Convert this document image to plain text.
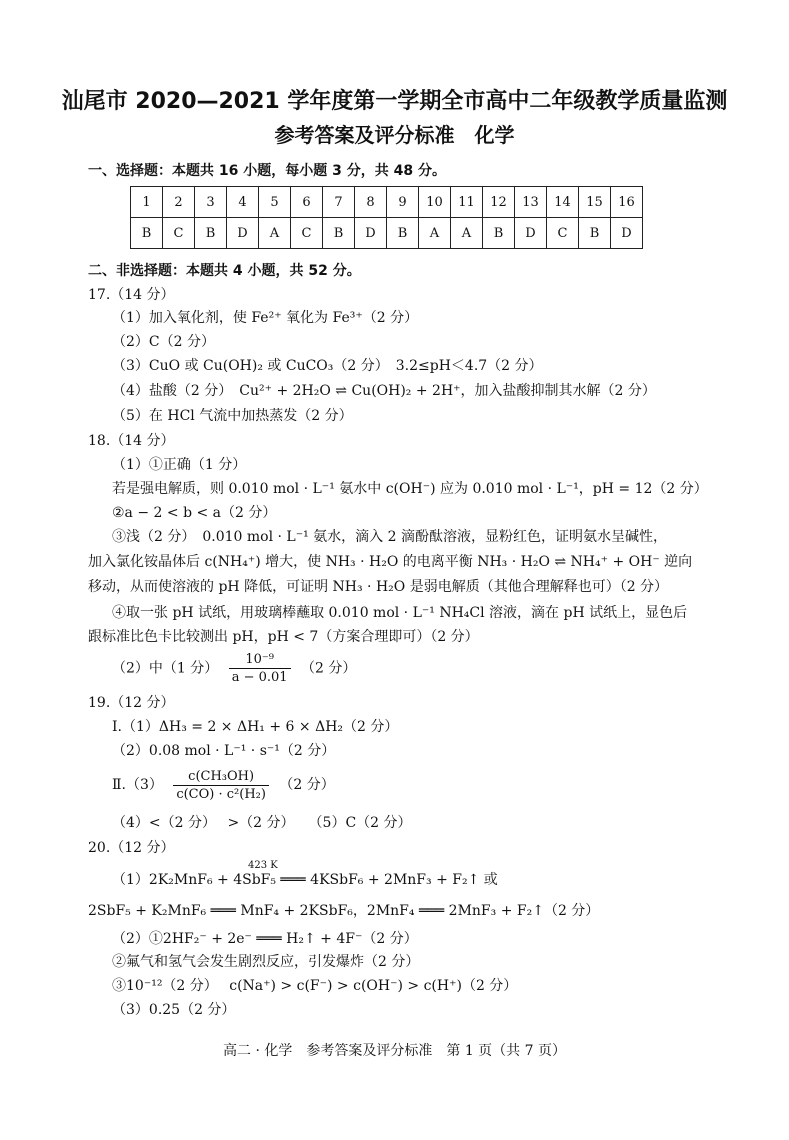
汕尾市 2020—2021 学年度第一学期全市高中二年级教学质量监测
参考答案及评分标准　化学
一、选择题：本题共 16 小题，每小题 3 分，共 48 分。
1	2	3	4	5	6	7	8	9	10	11	12	13	14	15	16
B	C	B	D	A	C	B	D	B	A	A	B	D	C	B	D
二、非选择题：本题共 4 小题，共 52 分。
17.（14 分）
（1）加入氧化剂，使 Fe²⁺ 氧化为 Fe³⁺（2 分）
（2）C（2 分）
（3）CuO 或 Cu(OH)₂ 或 CuCO₃（2 分）　3.2≤pH＜4.7（2 分）
（4）盐酸（2 分）　Cu²⁺ + 2H₂O ⇌ Cu(OH)₂ + 2H⁺，加入盐酸抑制其水解（2 分）
（5）在 HCl 气流中加热蒸发（2 分）
18.（14 分）
（1）①正确（1 分）
若是强电解质，则 0.010 mol · L⁻¹ 氨水中 c(OH⁻) 应为 0.010 mol · L⁻¹，pH = 12（2 分）
②a − 2 < b < a（2 分）
③浅（2 分）　0.010 mol · L⁻¹ 氨水，滴入 2 滴酚酞溶液，显粉红色，证明氨水呈碱性，
加入氯化铵晶体后 c(NH₄⁺) 增大，使 NH₃ · H₂O 的电离平衡 NH₃ · H₂O ⇌ NH₄⁺ + OH⁻ 逆向
移动，从而使溶液的 pH 降低，可证明 NH₃ · H₂O 是弱电解质（其他合理解释也可）（2 分）
④取一张 pH 试纸，用玻璃棒蘸取 0.010 mol · L⁻¹ NH₄Cl 溶液，滴在 pH 试纸上，显色后
跟标准比色卡比较测出 pH，pH < 7（方案合理即可）（2 分）
（2）中（1 分） $\frac{\text{10⁻⁹}}{a - 0.01} (2$ 分）
19.（12 分）
Ⅰ.（1）ΔH₃ = 2 × ΔH₁ + 6 × ΔH₂（2 分）
（2）0.08 mol · L⁻¹ · s⁻¹（2 分）
Ⅱ.（3） $\frac{\text{c(CH₃OH)}}{\text{c(CO) · c²(H₂)}} (2$ 分）
（4）<（2 分）　 >（2 分）　　（5）C（2 分）
20.（12 分）
423 K
（1）2K₂MnF₆ + 4SbF₅ ═══ 4KSbF₆ + 2MnF₃ + F₂↑ 或
2SbF₅ + K₂MnF₆ ═══ MnF₄ + 2KSbF₆，2MnF₄ ═══ 2MnF₃ + F₂↑（2 分）
（2）①2HF₂⁻ + 2e⁻ ═══ H₂↑ + 4F⁻（2 分）
②氟气和氢气会发生剧烈反应，引发爆炸（2 分）
③10⁻¹²（2 分）　 c(Na⁺) > c(F⁻) > c(OH⁻) > c(H⁺)（2 分）
（3）0.25（2 分）
高二 · 化学　参考答案及评分标准　第 1 页（共 7 页）
